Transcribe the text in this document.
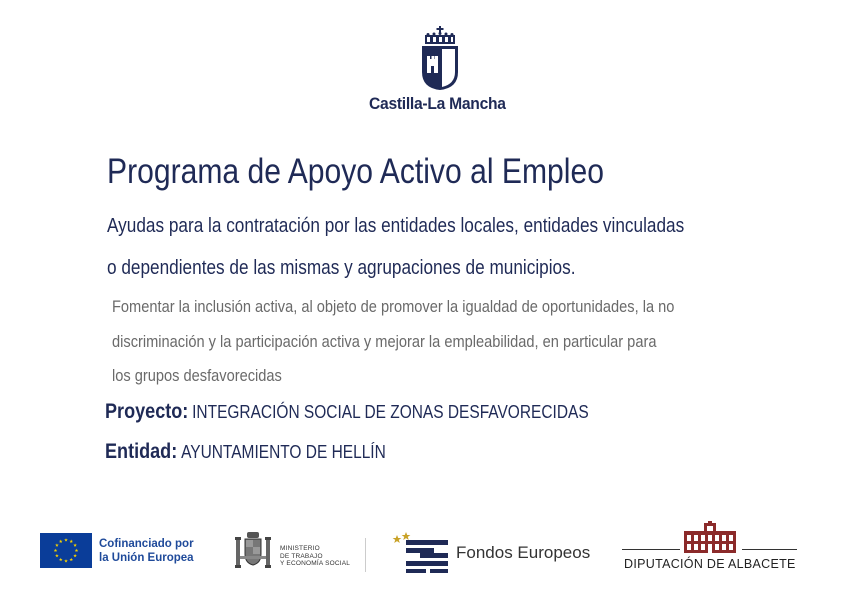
Castilla-La Mancha
Programa de Apoyo Activo al Empleo
Ayudas para la contratación por las entidades locales, entidades vinculadas
o dependientes de las mismas y agrupaciones de municipios.
Fomentar la inclusión activa, al objeto de promover la igualdad de oportunidades, la no
discriminación y la participación activa y mejorar la empleabilidad, en particular para
los grupos desfavorecidas
Proyecto: INTEGRACIÓN SOCIAL DE ZONAS DESFAVORECIDAS
Entidad: AYUNTAMIENTO DE HELLÍN
Cofinanciado por
la Unión Europea
MINISTERIO
DE TRABAJO
Y ECONOMÍA SOCIAL
Fondos Europeos
DIPUTACIÓN DE ALBACETE
